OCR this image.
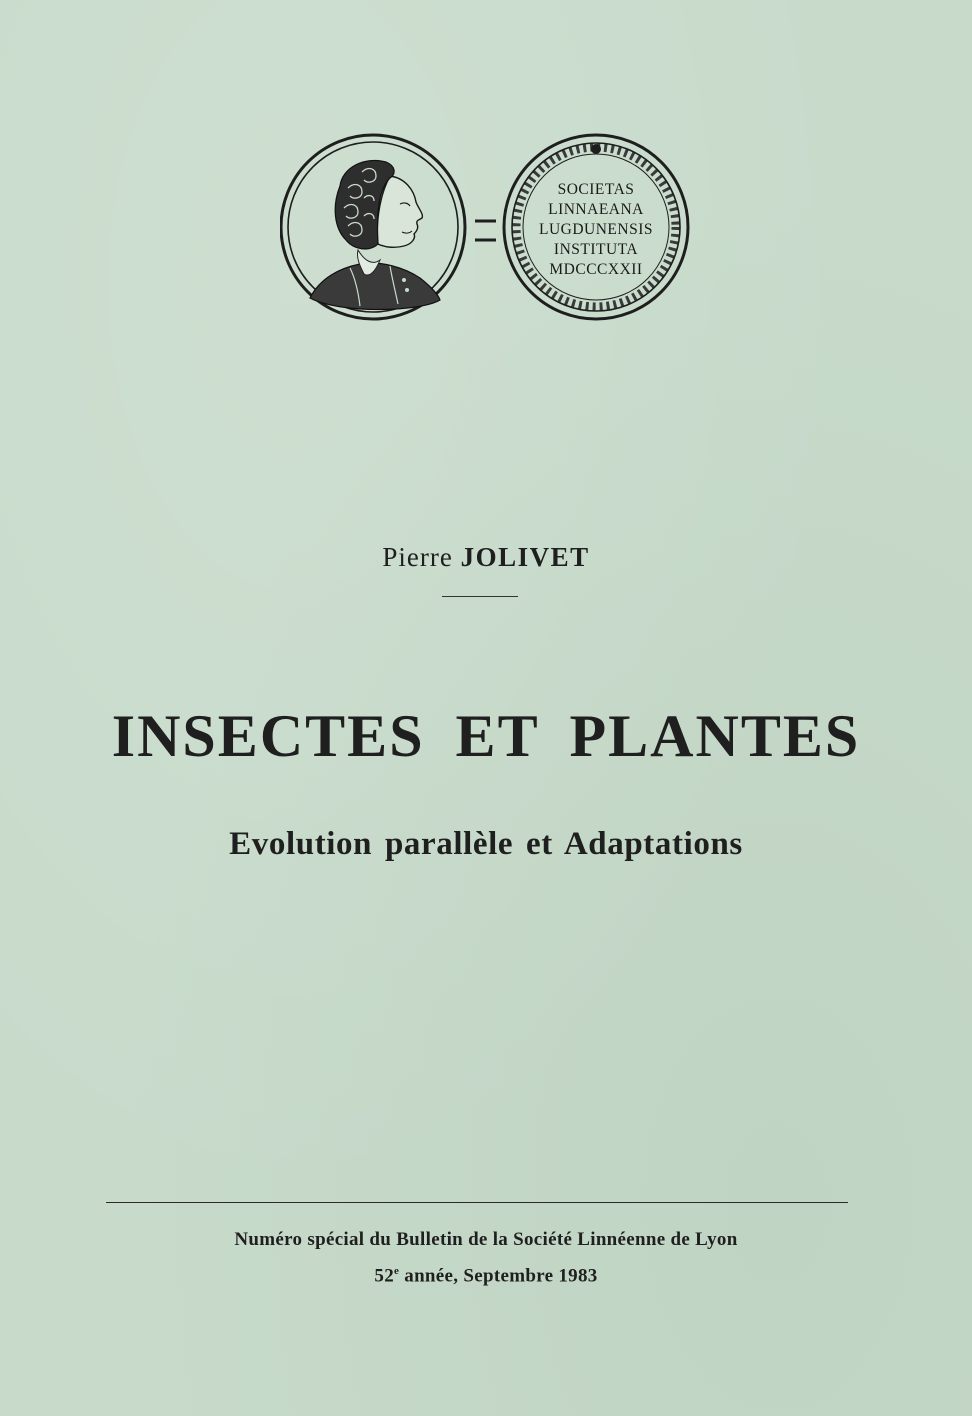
SOCIETAS
LINNAEANA
LUGDUNENSIS
INSTITUTA
MDCCCXXII
Pierre JOLIVET
INSECTES ET PLANTES
Evolution parallèle et Adaptations
Numéro spécial du Bulletin de la Société Linnéenne de Lyon
52e année, Septembre 1983
